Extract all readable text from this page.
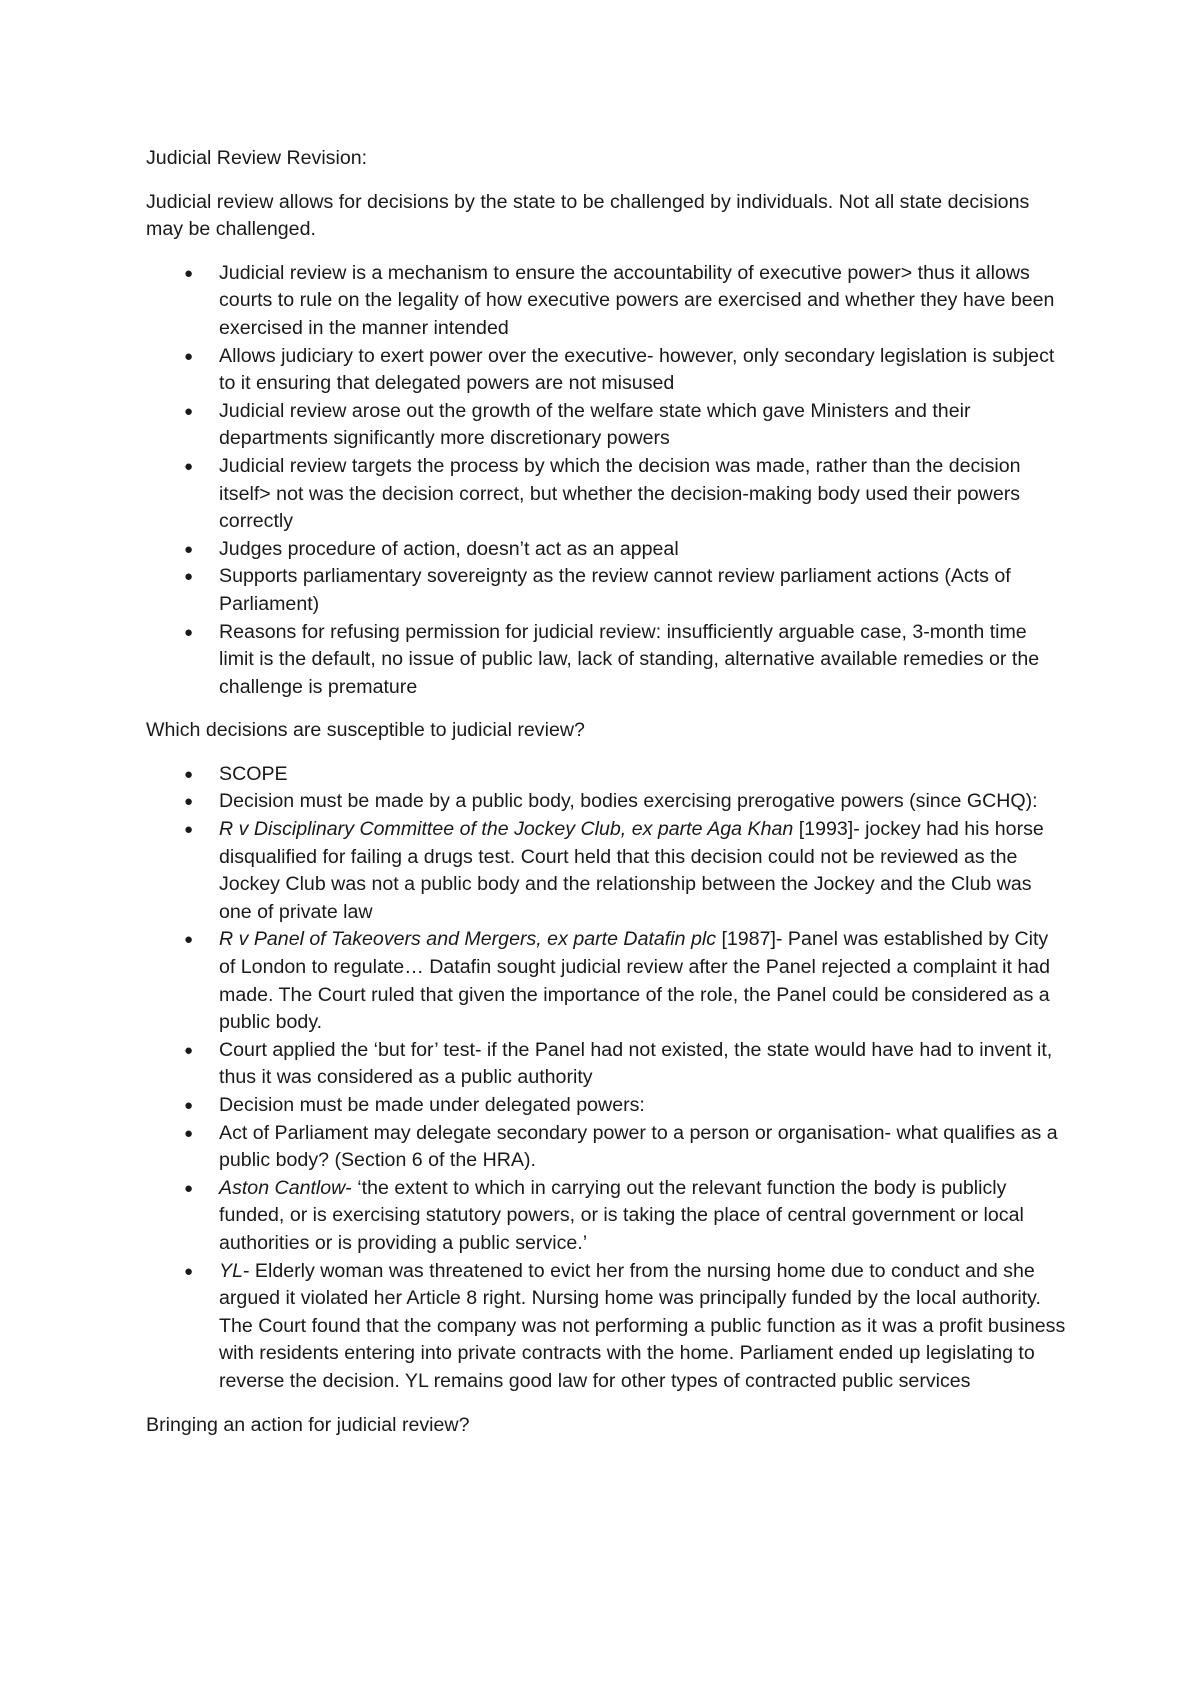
Judicial Review Revision:

Judicial review allows for decisions by the state to be challenged by individuals. Not all state decisions may be challenged.

●	Judicial review is a mechanism to ensure the accountability of executive power> thus it allows courts to rule on the legality of how executive powers are exercised and whether they have been exercised in the manner intended
●	Allows judiciary to exert power over the executive- however, only secondary legislation is subject to it ensuring that delegated powers are not misused
●	Judicial review arose out the growth of the welfare state which gave Ministers and their departments significantly more discretionary powers
●	Judicial review targets the process by which the decision was made, rather than the decision itself> not was the decision correct, but whether the decision-making body used their powers correctly
●	Judges procedure of action, doesn’t act as an appeal
●	Supports parliamentary sovereignty as the review cannot review parliament actions (Acts of Parliament)
●	Reasons for refusing permission for judicial review: insufficiently arguable case, 3-month time limit is the default, no issue of public law, lack of standing, alternative available remedies or the challenge is premature

Which decisions are susceptible to judicial review?

●	SCOPE
●	Decision must be made by a public body, bodies exercising prerogative powers (since GCHQ):
●	R v Disciplinary Committee of the Jockey Club, ex parte Aga Khan [1993]- jockey had his horse disqualified for failing a drugs test. Court held that this decision could not be reviewed as the Jockey Club was not a public body and the relationship between the Jockey and the Club was one of private law
●	R v Panel of Takeovers and Mergers, ex parte Datafin plc [1987]- Panel was established by City of London to regulate… Datafin sought judicial review after the Panel rejected a complaint it had made. The Court ruled that given the importance of the role, the Panel could be considered as a public body.
●	Court applied the ‘but for’ test- if the Panel had not existed, the state would have had to invent it, thus it was considered as a public authority
●	Decision must be made under delegated powers:
●	Act of Parliament may delegate secondary power to a person or organisation- what qualifies as a public body? (Section 6 of the HRA).
●	Aston Cantlow- ‘the extent to which in carrying out the relevant function the body is publicly funded, or is exercising statutory powers, or is taking the place of central government or local authorities or is providing a public service.’
●	YL- Elderly woman was threatened to evict her from the nursing home due to conduct and she argued it violated her Article 8 right. Nursing home was principally funded by the local authority. The Court found that the company was not performing a public function as it was a profit business with residents entering into private contracts with the home. Parliament ended up legislating to reverse the decision. YL remains good law for other types of contracted public services

Bringing an action for judicial review?
